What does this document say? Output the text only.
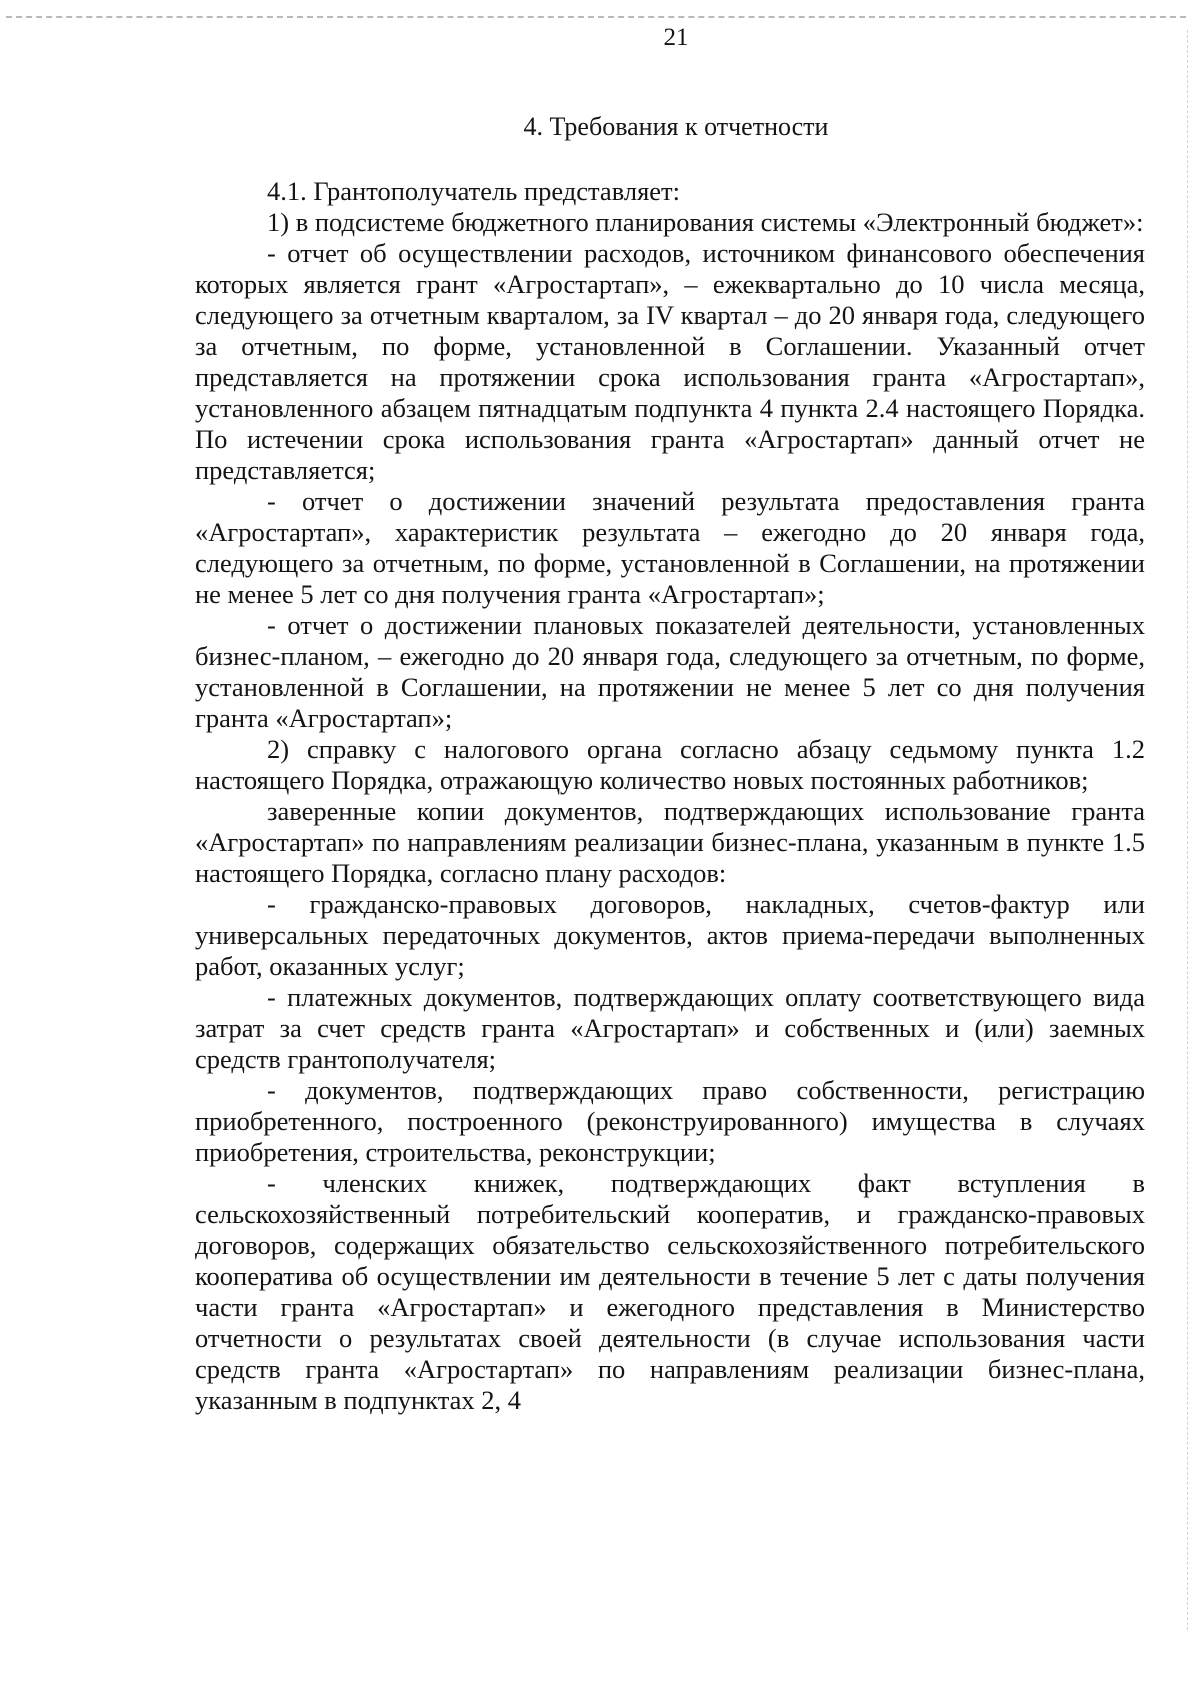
21
4. Требования к отчетности

4.1. Грантополучатель представляет:

1) в подсистеме бюджетного планирования системы «Электронный бюджет»:

- отчет об осуществлении расходов, источником финансового обеспечения которых является грант «Агростартап», – ежеквартально до 10 числа месяца, следующего за отчетным кварталом, за IV квартал – до 20 января года, следующего за отчетным, по форме, установленной в Соглашении. Указанный отчет представляется на протяжении срока использования гранта «Агростартап», установленного абзацем пятнадцатым подпункта 4 пункта 2.4 настоящего Порядка. По истечении срока использования гранта «Агростартап» данный отчет не представляется;

- отчет о достижении значений результата предоставления гранта «Агростартап», характеристик результата – ежегодно до 20 января года, следующего за отчетным, по форме, установленной в Соглашении, на протяжении не менее 5 лет со дня получения гранта «Агростартап»;

- отчет о достижении плановых показателей деятельности, установленных бизнес-планом, – ежегодно до 20 января года, следующего за отчетным, по форме, установленной в Соглашении, на протяжении не менее 5 лет со дня получения гранта «Агростартап»;

2) справку с налогового органа согласно абзацу седьмому пункта 1.2 настоящего Порядка, отражающую количество новых постоянных работников;

заверенные копии документов, подтверждающих использование гранта «Агростартап» по направлениям реализации бизнес-плана, указанным в пункте 1.5 настоящего Порядка, согласно плану расходов:

- гражданско-правовых договоров, накладных, счетов-фактур или универсальных передаточных документов, актов приема-передачи выполненных работ, оказанных услуг;

- платежных документов, подтверждающих оплату соответствующего вида затрат за счет средств гранта «Агростартап» и собственных и (или) заемных средств грантополучателя;

- документов, подтверждающих право собственности, регистрацию приобретенного, построенного (реконструированного) имущества в случаях приобретения, строительства, реконструкции;

- членских книжек, подтверждающих факт вступления в сельскохозяйственный потребительский кооператив, и гражданско-правовых договоров, содержащих обязательство сельскохозяйственного потребительского кооператива об осуществлении им деятельности в течение 5 лет с даты получения части гранта «Агростартап» и ежегодного представления в Министерство отчетности о результатах своей деятельности (в случае использования части средств гранта «Агростартап» по направлениям реализации бизнес-плана, указанным в подпунктах 2, 4
